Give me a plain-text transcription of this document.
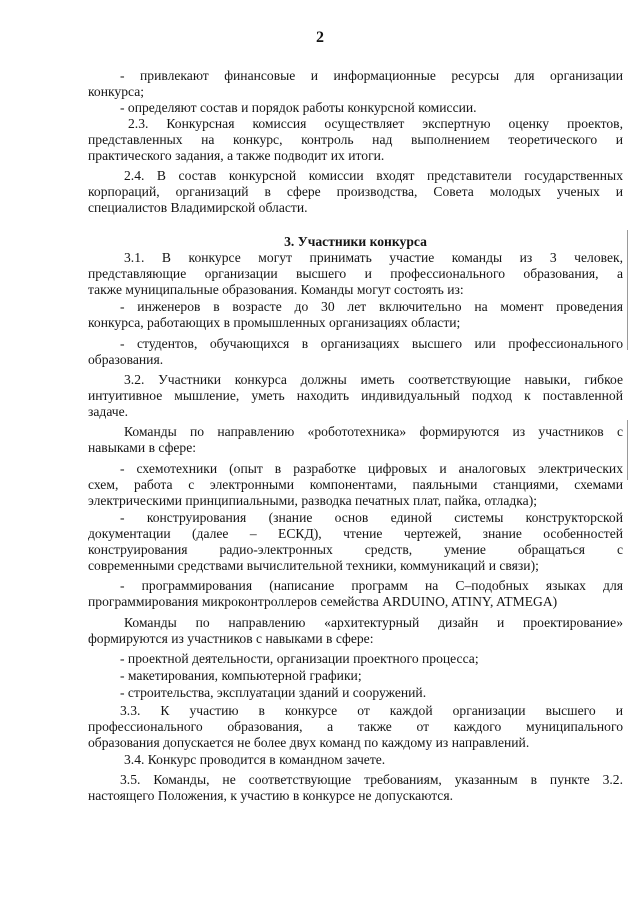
2
- привлекают финансовые и информационные ресурсы для организации
конкурса;
- определяют состав и порядок работы конкурсной комиссии.
2.3. Конкурсная комиссия осуществляет экспертную оценку проектов,
представленных на конкурс, контроль над выполнением теоретического и
практического задания, а также подводит их итоги.
2.4. В состав конкурсной комиссии входят представители государственных
корпораций, организаций в сфере производства, Совета молодых ученых и
специалистов Владимирской области.
3. Участники конкурса
3.1. В конкурсе могут принимать участие команды из 3 человек,
представляющие организации высшего и профессионального образования, а
также муниципальные образования. Команды могут состоять из:
- инженеров в возрасте до 30 лет включительно на момент проведения
конкурса, работающих в промышленных организациях области;
- студентов, обучающихся в организациях высшего или профессионального
образования.
3.2. Участники конкурса должны иметь соответствующие навыки, гибкое
интуитивное мышление, уметь находить индивидуальный подход к поставленной
задаче.
Команды по направлению «робототехника» формируются из участников с
навыками в сфере:
- схемотехники (опыт в разработке цифровых и аналоговых электрических
схем, работа с электронными компонентами, паяльными станциями, схемами
электрическими принципиальными, разводка печатных плат, пайка, отладка);
- конструирования (знание основ единой системы конструкторской
документации (далее – ЕСКД), чтение чертежей, знание особенностей
конструирования радио-электронных средств, умение обращаться с
современными средствами вычислительной техники, коммуникаций и связи);
- программирования (написание программ на С–подобных языках для
программирования микроконтроллеров семейства ARDUINO, ATINY, ATMEGA)
Команды по направлению «архитектурный дизайн и проектирование»
формируются из участников с навыками в сфере:
- проектной деятельности, организации проектного процесса;
- макетирования, компьютерной графики;
- строительства, эксплуатации зданий и сооружений.
3.3. К участию в конкурсе от каждой организации высшего и
профессионального образования, а также от каждого муниципального
образования допускается не более двух команд по каждому из направлений.
3.4. Конкурс проводится в командном зачете.
3.5. Команды, не соответствующие требованиям, указанным в пункте 3.2.
настоящего Положения, к участию в конкурсе не допускаются.
